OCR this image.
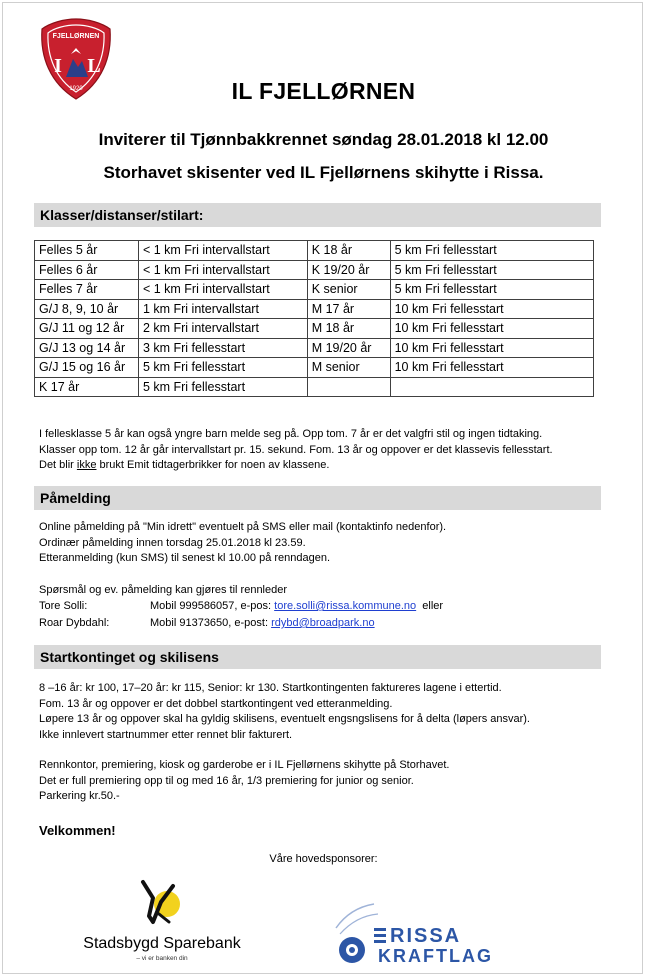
FJELLØRNEN
I L
1920	IL FJELLØRNEN
Inviterer til Tjønnbakkrennet søndag 28.01.2018 kl 12.00
Storhavet skisenter ved IL Fjellørnens skihytte i Rissa.
Klasser/distanser/stilart:
Felles 5 år	< 1 km Fri intervallstart	K 18 år	5 km Fri fellesstart
Felles 6 år	< 1 km Fri intervallstart	K 19/20 år	5 km Fri fellesstart
Felles 7 år	< 1 km Fri intervallstart	K senior	5 km Fri fellesstart
G/J 8, 9, 10 år	1 km Fri intervallstart	M 17 år	10 km Fri fellesstart
G/J 11 og 12 år	2 km Fri intervallstart	M 18 år	10 km Fri fellesstart
G/J 13 og 14 år	3 km Fri fellesstart	M 19/20 år	10 km Fri fellesstart
G/J 15 og 16 år	5 km Fri fellesstart	M senior	10 km Fri fellesstart
K 17 år	5 km Fri fellesstart		
I fellesklasse 5 år kan også yngre barn melde seg på. Opp tom. 7 år er det valgfri stil og ingen tidtaking.
Klasser opp tom. 12 år går intervallstart pr. 15. sekund. Fom. 13 år og oppover er det klassevis fellesstart.
Det blir ikke brukt Emit tidtagerbrikker for noen av klassene.
Påmelding
Online påmelding på "Min idrett" eventuelt på SMS eller mail (kontaktinfo nedenfor).
Ordinær påmelding innen torsdag 25.01.2018 kl 23.59.
Etteranmelding (kun SMS) til senest kl 10.00 på renndagen.
Spørsmål og ev. påmelding kan gjøres til rennleder
Tore Solli:	Mobil 999586057, e-pos: tore.solli@rissa.kommune.no  eller
Roar Dybdahl:	Mobil 91373650, e-post: rdybd@broadpark.no
Startkontinget og skilisens
8 –16 år: kr 100, 17–20 år: kr 115, Senior: kr 130. Startkontingenten faktureres lagene i ettertid.
Fom. 13 år og oppover er det dobbel startkontingent ved etteranmelding.
Løpere 13 år og oppover skal ha gyldig skilisens, eventuelt engsngslisens for å delta (løpers ansvar).
Ikke innlevert startnummer etter rennet blir fakturert.
Rennkontor, premiering, kiosk og garderobe er i IL Fjellørnens skihytte på Storhavet.
Det er full premiering opp til og med 16 år, 1/3 premiering for junior og senior.
Parkering kr.50.-
Velkommen!
Våre hovedsponsorer:
Stadsbygd Sparebank
– vi er banken din
RISSA
KRAFTLAG
